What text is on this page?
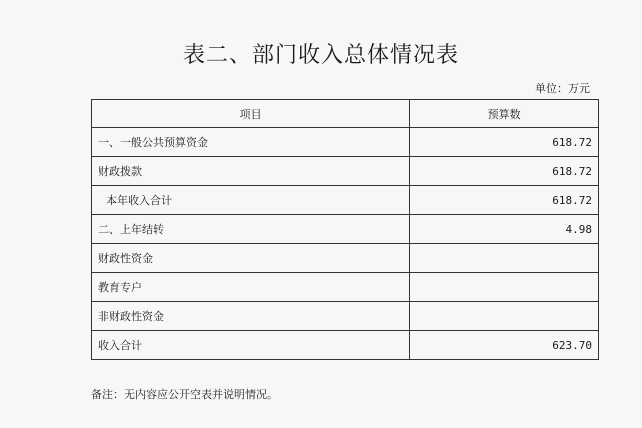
表二、部门收入总体情况表
单位：万元
项目	预算数
一、一般公共预算资金	618.72
财政拨款	618.72
本年收入合计	618.72
二、上年结转	4.98
财政性资金	
教育专户	
非财政性资金	
收入合计	623.70
备注：无内容应公开空表并说明情况。
